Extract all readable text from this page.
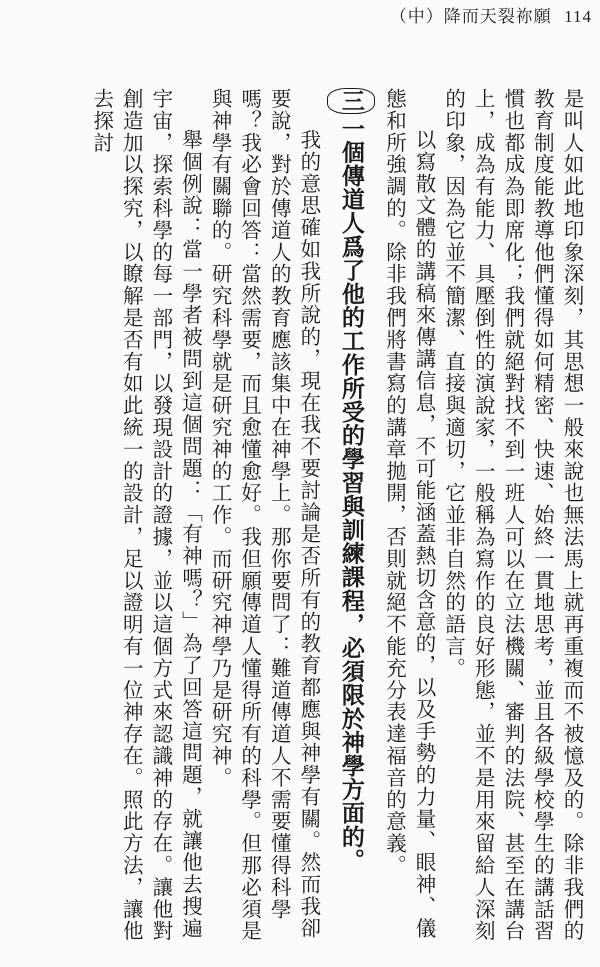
（中）降而天裂祢願 114

是叫人如此地印象深刻，其思想一般來說也無法馬上就再重複而不被憶及的。除非我們的教育制度能教導他們懂得如何精密、快速、始終一貫地思考，並且各級學校學生的講話習慣也都成為即席化；我們就絕對找不到一班人可以在立法機關、審判的法院、甚至在講台上，成為有能力、具壓倒性的演說家，一般稱為寫作的良好形態，並不是用來留給人深刻的印象，因為它並不簡潔、直接與適切，它並非自然的語言。

以寫散文體的講稿來傳講信息，不可能涵蓋熱切含意的，以及手勢的力量、眼神、儀態和所強調的。除非我們將書寫的講章拋開，否則就絕不能充分表達福音的意義。

三一個傳道人爲了他的工作所受的學習與訓練課程，必須限於神學方面的。

我的意思確如我所說的，現在我不要討論是否所有的教育都應與神學有關。然而我卻要說，對於傳道人的教育應該集中在神學上。那你要問了：難道傳道人不需要懂得科學嗎？我必會回答：當然需要，而且愈懂愈好。我但願傳道人懂得所有的科學。但那必須是與神學有關聯的。研究科學就是研究神的工作。而研究神學乃是研究神。

舉個例說：當一學者被問到這個問題：「有神嗎？」為了回答這問題，就讓他去搜遍宇宙，探索科學的每一部門，以發現設計的證據，並以這個方式來認識神的存在。讓他對創造加以探究，以瞭解是否有如此統一的設計，足以證明有一位神存在。照此方法，讓他去探討
